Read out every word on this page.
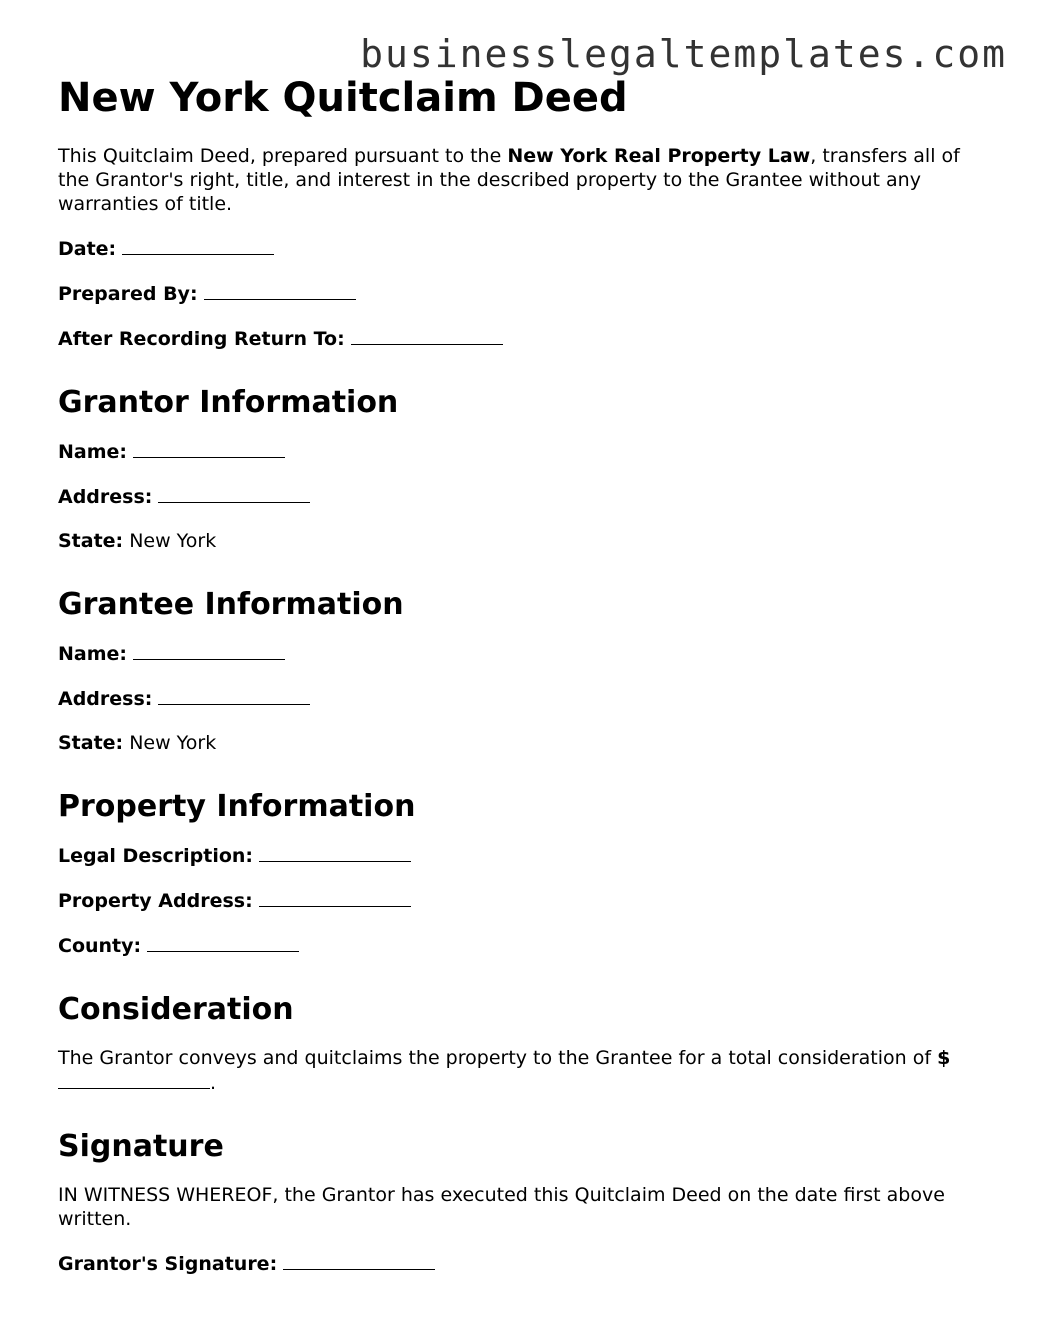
businesslegaltemplates.com
New York Quitclaim Deed

This Quitclaim Deed, prepared pursuant to the New York Real Property Law, transfers all of the Grantor's right, title, and interest in the described property to the Grantee without any warranties of title.

Date:
Prepared By:
After Recording Return To:
Grantor Information
Name:
Address:
State: New York
Grantee Information
Name:
Address:
State: New York
Property Information
Legal Description:
Property Address:
County:
Consideration

The Grantor conveys and quitclaims the property to the Grantee for a total consideration of $.

Signature

IN WITNESS WHEREOF, the Grantor has executed this Quitclaim Deed on the date first above written.

Grantor's Signature:
